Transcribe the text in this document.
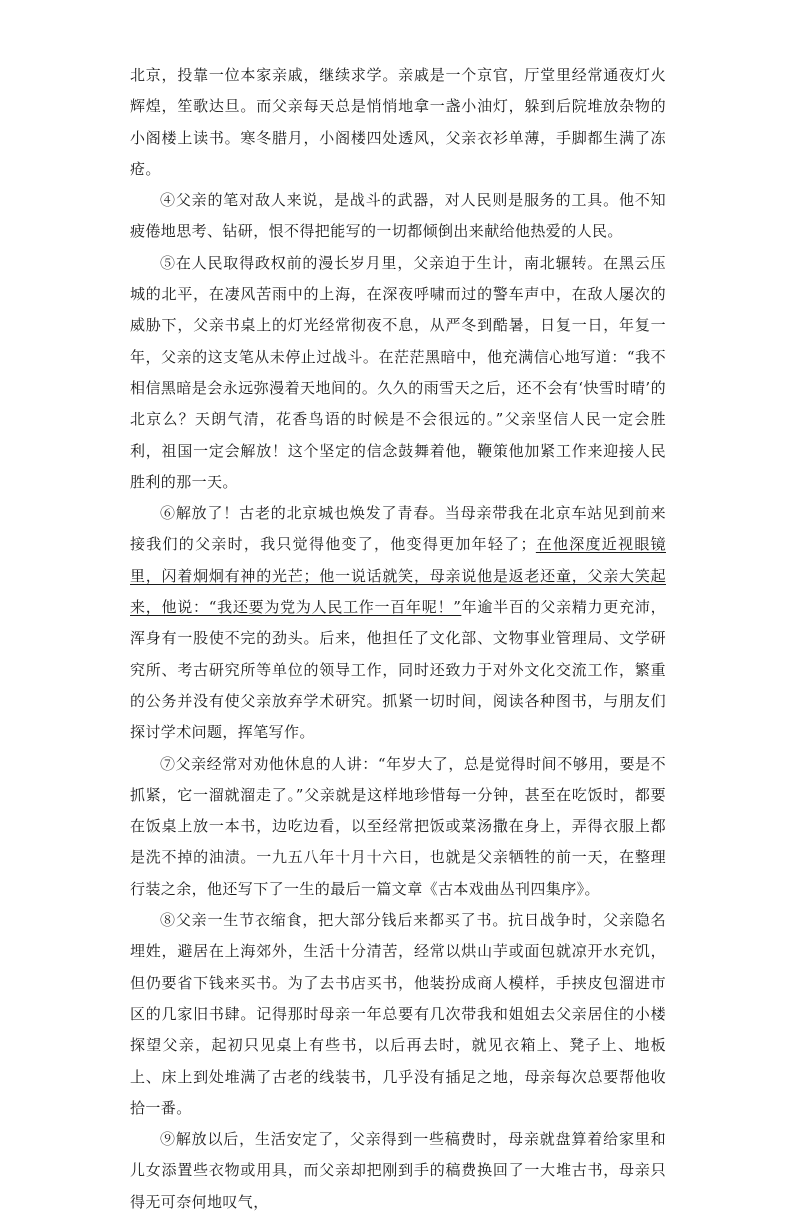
北京，投靠一位本家亲戚，继续求学。亲戚是一个京官，厅堂里经常通夜灯火辉煌，笙歌达旦。而父亲每天总是悄悄地拿一盏小油灯，躲到后院堆放杂物的小阁楼上读书。寒冬腊月，小阁楼四处透风，父亲衣衫单薄，手脚都生满了冻疮。

④父亲的笔对敌人来说，是战斗的武器，对人民则是服务的工具。他不知疲倦地思考、钻研，恨不得把能写的一切都倾倒出来献给他热爱的人民。

⑤在人民取得政权前的漫长岁月里，父亲迫于生计，南北辗转。在黑云压城的北平，在凄风苦雨中的上海，在深夜呼啸而过的警车声中，在敌人屡次的威胁下，父亲书桌上的灯光经常彻夜不息，从严冬到酷暑，日复一日，年复一年，父亲的这支笔从未停止过战斗。在茫茫黑暗中，他充满信心地写道：“我不相信黑暗是会永远弥漫着天地间的。久久的雨雪天之后，还不会有‘快雪时晴’的北京么？天朗气清，花香鸟语的时候是不会很远的。”父亲坚信人民一定会胜利，祖国一定会解放！这个坚定的信念鼓舞着他，鞭策他加紧工作来迎接人民胜利的那一天。

⑥解放了！古老的北京城也焕发了青春。当母亲带我在北京车站见到前来接我们的父亲时，我只觉得他变了，他变得更加年轻了；在他深度近视眼镜里，闪着炯炯有神的光芒；他一说话就笑，母亲说他是返老还童，父亲大笑起来，他说：“我还要为党为人民工作一百年呢！”年逾半百的父亲精力更充沛，浑身有一股使不完的劲头。后来，他担任了文化部、文物事业管理局、文学研究所、考古研究所等单位的领导工作，同时还致力于对外文化交流工作，繁重的公务并没有使父亲放弃学术研究。抓紧一切时间，阅读各种图书，与朋友们探讨学术问题，挥笔写作。

⑦父亲经常对劝他休息的人讲：“年岁大了，总是觉得时间不够用，要是不抓紧，它一溜就溜走了。”父亲就是这样地珍惜每一分钟，甚至在吃饭时，都要在饭桌上放一本书，边吃边看，以至经常把饭或菜汤撒在身上，弄得衣服上都是洗不掉的油渍。一九五八年十月十六日，也就是父亲牺牲的前一天，在整理行装之余，他还写下了一生的最后一篇文章《古本戏曲丛刊四集序》。

⑧父亲一生节衣缩食，把大部分钱后来都买了书。抗日战争时，父亲隐名埋姓，避居在上海郊外，生活十分清苦，经常以烘山芋或面包就凉开水充饥，但仍要省下钱来买书。为了去书店买书，他装扮成商人模样，手挟皮包溜进市区的几家旧书肆。记得那时母亲一年总要有几次带我和姐姐去父亲居住的小楼探望父亲，起初只见桌上有些书，以后再去时，就见衣箱上、凳子上、地板上、床上到处堆满了古老的线装书，几乎没有插足之地，母亲每次总要帮他收拾一番。

⑨解放以后，生活安定了，父亲得到一些稿费时，母亲就盘算着给家里和儿女添置些衣物或用具，而父亲却把刚到手的稿费换回了一大堆古书，母亲只得无可奈何地叹气，
